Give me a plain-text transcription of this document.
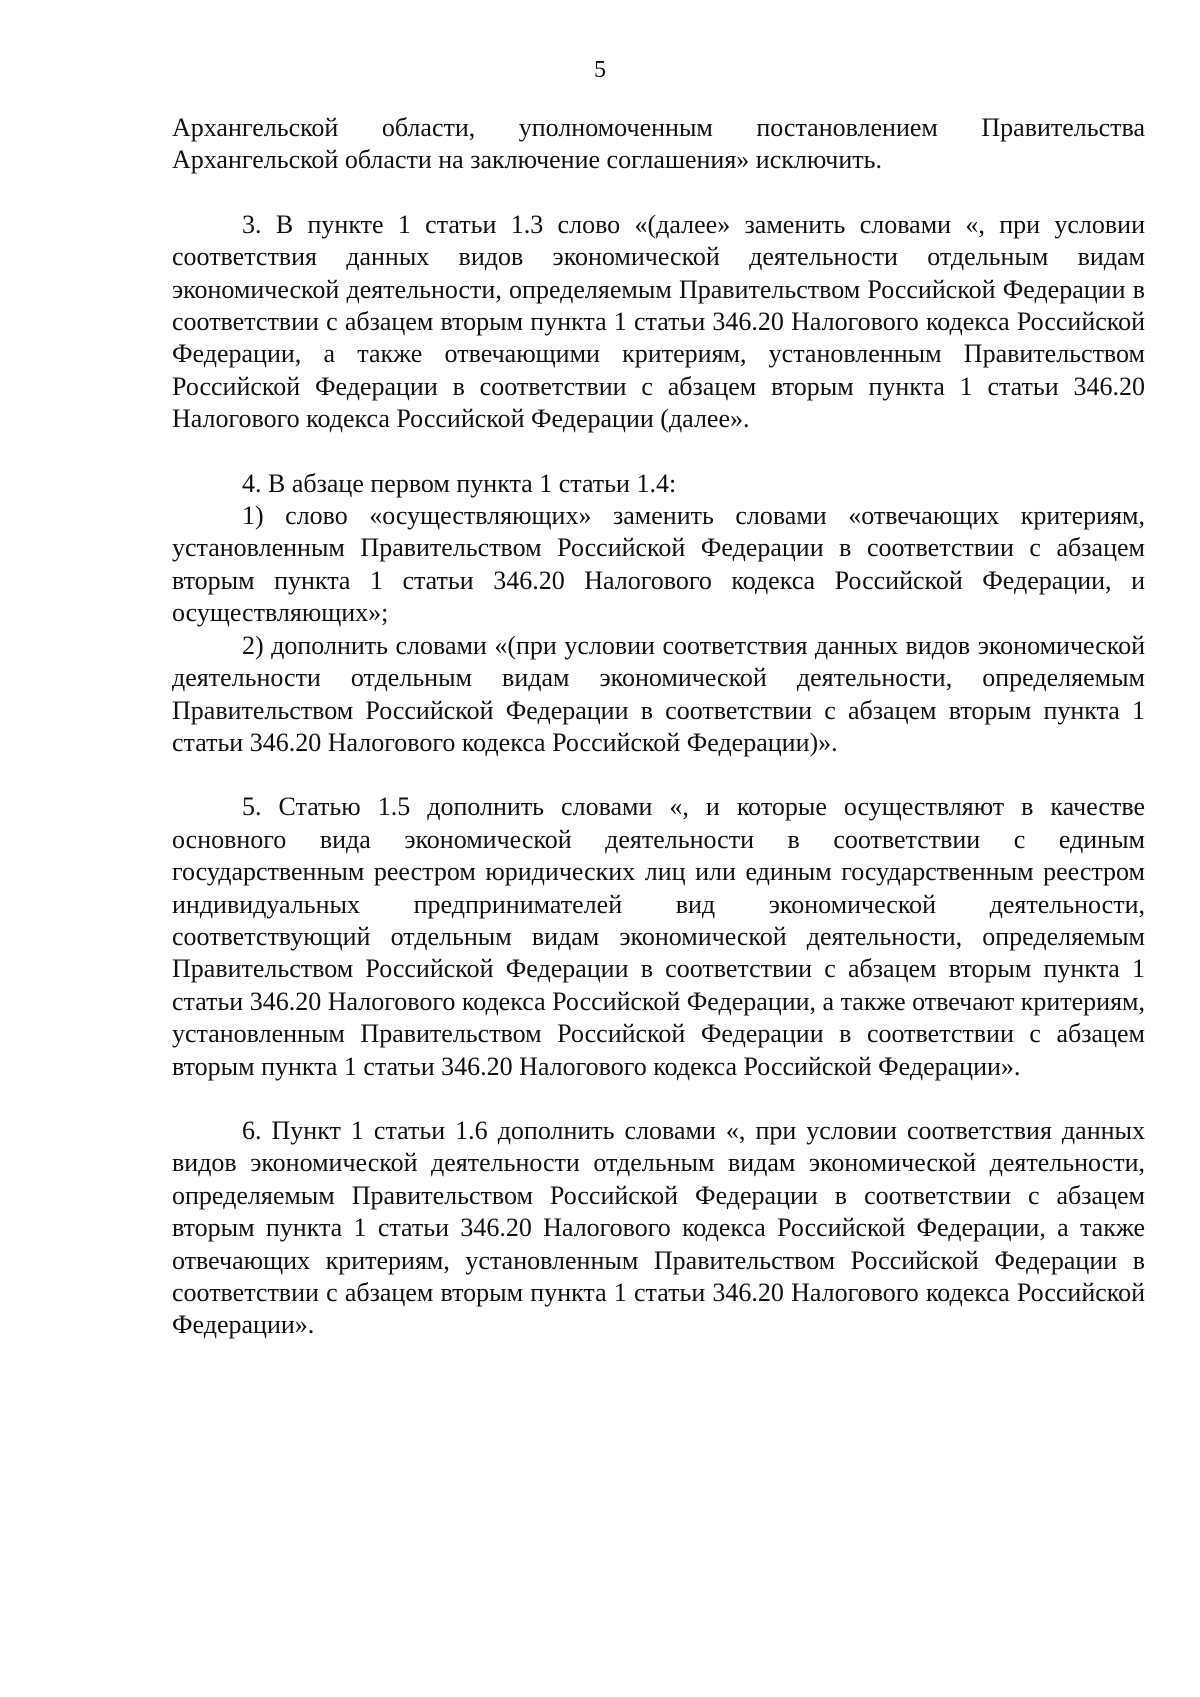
5

Архангельской области, уполномоченным постановлением Правительства Архангельской области на заключение соглашения» исключить.

3. В пункте 1 статьи 1.3 слово «(далее» заменить словами «, при условии соответствия данных видов экономической деятельности отдельным видам экономической деятельности, определяемым Правительством Российской Федерации в соответствии с абзацем вторым пункта 1 статьи 346.20 Налогового кодекса Российской Федерации, а также отвечающими критериям, установленным Правительством Российской Федерации в соответствии с абзацем вторым пункта 1 статьи 346.20 Налогового кодекса Российской Федерации (далее».

4. В абзаце первом пункта 1 статьи 1.4:

1) слово «осуществляющих» заменить словами «отвечающих критериям, установленным Правительством Российской Федерации в соответствии с абзацем вторым пункта 1 статьи 346.20 Налогового кодекса Российской Федерации, и осуществляющих»;

2) дополнить словами «(при условии соответствия данных видов экономической деятельности отдельным видам экономической деятельности, определяемым Правительством Российской Федерации в соответствии с абзацем вторым пункта 1 статьи 346.20 Налогового кодекса Российской Федерации)».

5. Статью 1.5 дополнить словами «, и которые осуществляют в качестве основного вида экономической деятельности в соответствии с единым государственным реестром юридических лиц или единым государственным реестром индивидуальных предпринимателей вид экономической деятельности, соответствующий отдельным видам экономической деятельности, определяемым Правительством Российской Федерации в соответствии с абзацем вторым пункта 1 статьи 346.20 Налогового кодекса Российской Федерации, а также отвечают критериям, установленным Правительством Российской Федерации в соответствии с абзацем вторым пункта 1 статьи 346.20 Налогового кодекса Российской Федерации».

6. Пункт 1 статьи 1.6 дополнить словами «, при условии соответствия данных видов экономической деятельности отдельным видам экономической деятельности, определяемым Правительством Российской Федерации в соответствии с абзацем вторым пункта 1 статьи 346.20 Налогового кодекса Российской Федерации, а также отвечающих критериям, установленным Правительством Российской Федерации в соответствии с абзацем вторым пункта 1 статьи 346.20 Налогового кодекса Российской Федерации».
